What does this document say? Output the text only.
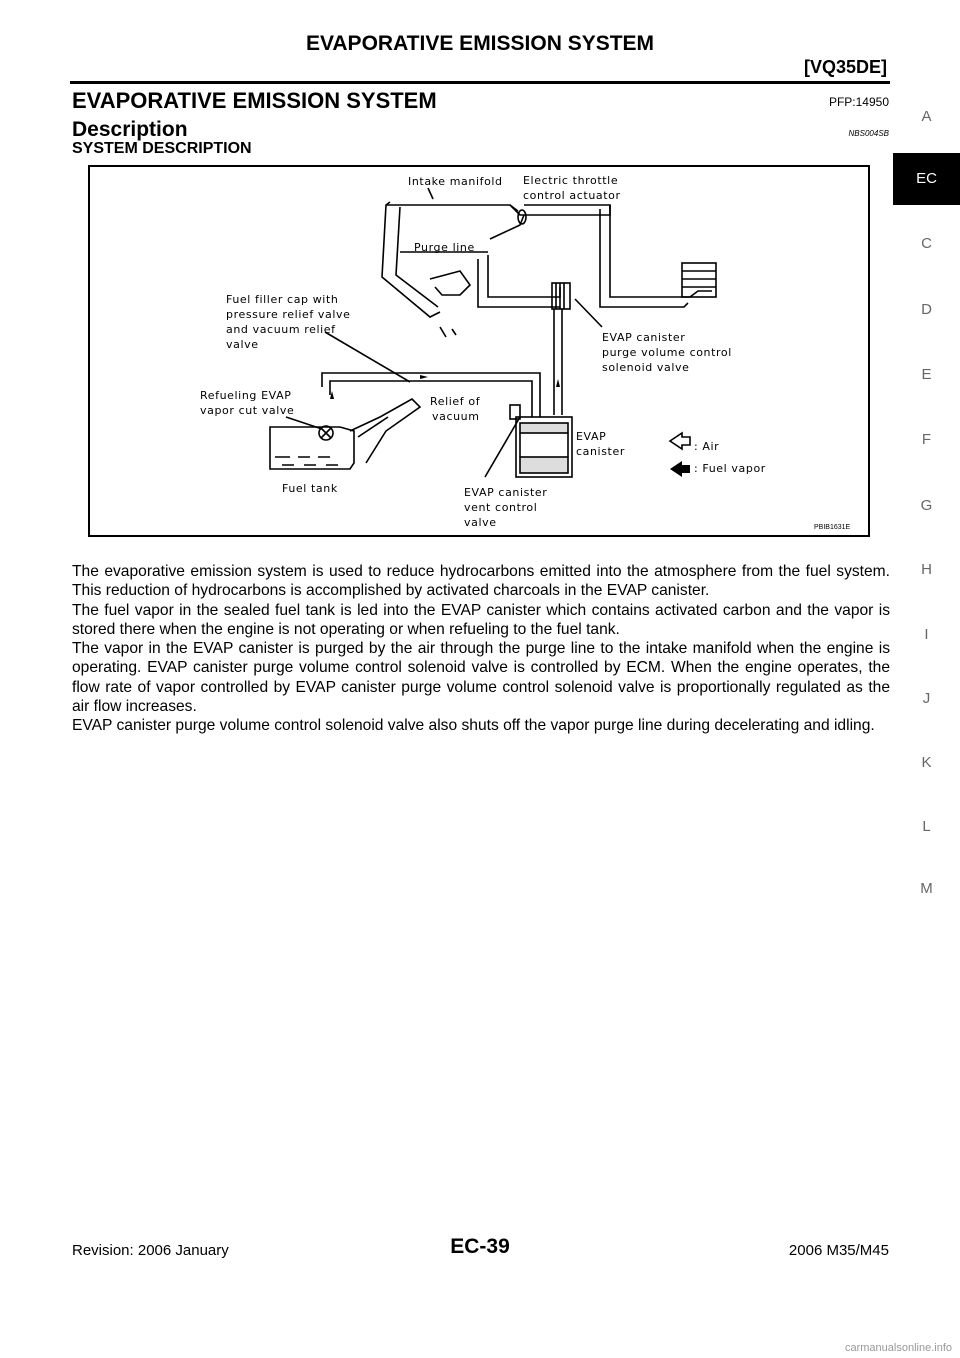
EVAPORATIVE EMISSION SYSTEM
[VQ35DE]
EVAPORATIVE EMISSION SYSTEM	PFP:14950
Description	NBS004SB
SYSTEM DESCRIPTION
Intake manifold Electric throttle
control actuator
Purge line
Fuel filler cap with
pressure relief valve
and vacuum relief
valve
EVAP canister
purge volume control
solenoid valve
Refueling EVAP
vapor cut valve
Relief of
vacuum
EVAP
canister	: Air
: Fuel vapor
Fuel tank	EVAP canister
vent control
valve	PBIB1631E

The evaporative emission system is used to reduce hydrocarbons emitted into the atmosphere from the fuel system. This reduction of hydrocarbons is accomplished by activated charcoals in the EVAP canister.

The fuel vapor in the sealed fuel tank is led into the EVAP canister which contains activated carbon and the vapor is stored there when the engine is not operating or when refueling to the fuel tank.

The vapor in the EVAP canister is purged by the air through the purge line to the intake manifold when the engine is operating. EVAP canister purge volume control solenoid valve is controlled by ECM. When the engine operates, the flow rate of vapor controlled by EVAP canister purge volume control solenoid valve is proportionally regulated as the air flow increases.

EVAP canister purge volume control solenoid valve also shuts off the vapor purge line during decelerating and idling.

A
EC
C
D
E
F
G
H
I
J
K
L
M
Revision: 2006 January	EC-39	2006 M35/M45
carmanualsonline.info
